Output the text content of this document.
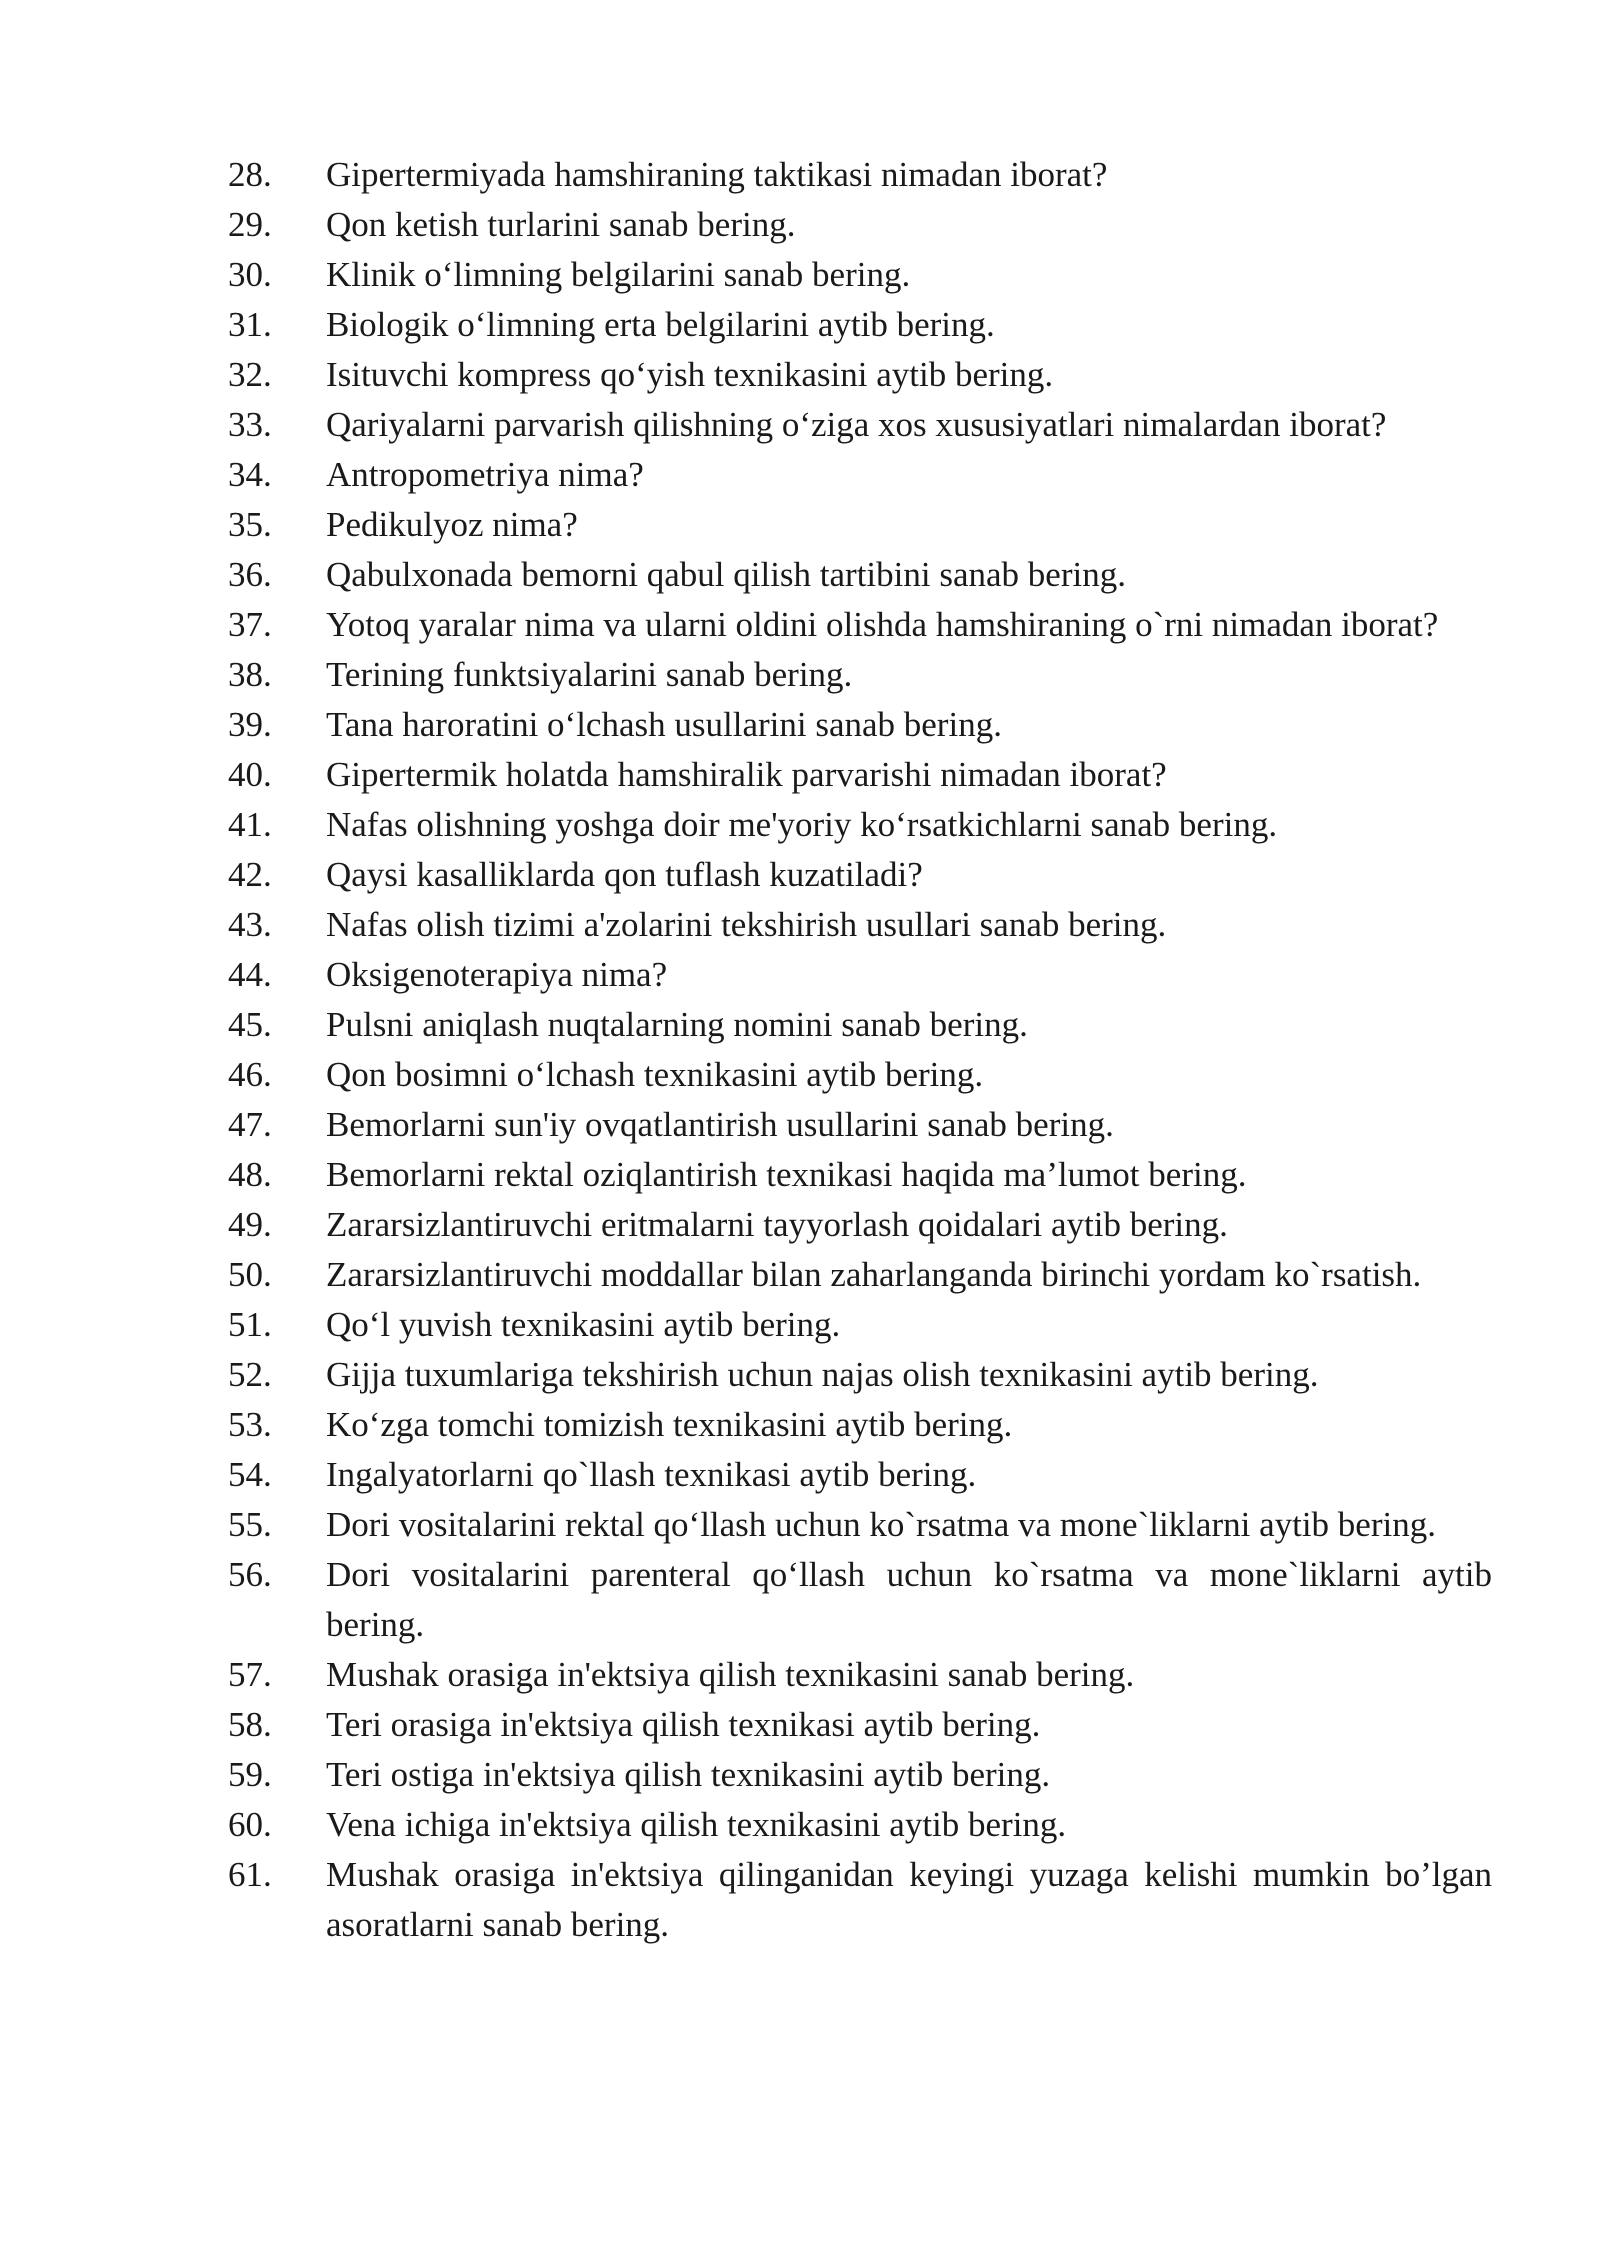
28.	Gipertermiyada hamshiraning taktikasi nimadan iborat?
29.	Qon ketish turlarini sanab bering.
30.	Klinik o‘limning belgilarini sanab bering.
31.	Biologik o‘limning erta belgilarini aytib bering.
32.	Isituvchi kompress qo‘yish texnikasini aytib bering.
33.	Qariyalarni parvarish qilishning o‘ziga xos xususiyatlari nimalardan iborat?
34.	Antropometriya nima?
35.	Pedikulyoz nima?
36.	Qabulxonada bemorni qabul qilish tartibini sanab bering.
37.	Yotoq yaralar nima va ularni oldini olishda hamshiraning o`rni nimadan iborat?
38.	Terining funktsiyalarini sanab bering.
39.	Tana haroratini o‘lchash usullarini sanab bering.
40.	Gipertermik holatda hamshiralik parvarishi nimadan iborat?
41.	Nafas olishning yoshga doir me'yoriy ko‘rsatkichlarni sanab bering.
42.	Qaysi kasalliklarda qon tuflash kuzatiladi?
43.	Nafas olish tizimi a'zolarini tekshirish usullari sanab bering.
44.	Oksigenoterapiya nima?
45.	Pulsni aniqlash nuqtalarning nomini sanab bering.
46.	Qon bosimni o‘lchash texnikasini aytib bering.
47.	Bemorlarni sun'iy ovqatlantirish usullarini sanab bering.
48.	Bemorlarni rektal oziqlantirish texnikasi haqida ma’lumot bering.
49.	Zararsizlantiruvchi eritmalarni tayyorlash qoidalari aytib bering.
50.	Zararsizlantiruvchi moddallar bilan zaharlanganda birinchi yordam ko`rsatish.
51.	Qo‘l yuvish texnikasini aytib bering.
52.	Gijja tuxumlariga tekshirish uchun najas olish texnikasini aytib bering.
53.	Ko‘zga tomchi tomizish texnikasini aytib bering.
54.	Ingalyatorlarni qo`llash texnikasi aytib bering.
55.	Dori vositalarini rektal qo‘llash uchun ko`rsatma va mone`liklarni aytib bering.
56.	Dori vositalarini parenteral qo‘llash uchun ko`rsatma va mone`liklarni aytib bering.
57.	Mushak orasiga in'ektsiya qilish texnikasini sanab bering.
58.	Teri orasiga in'ektsiya qilish texnikasi aytib bering.
59.	Teri ostiga in'ektsiya qilish texnikasini aytib bering.
60.	Vena ichiga in'ektsiya qilish texnikasini aytib bering.
61.	Mushak orasiga in'ektsiya qilinganidan keyingi yuzaga kelishi mumkin bo’lgan asoratlarni sanab bering.
